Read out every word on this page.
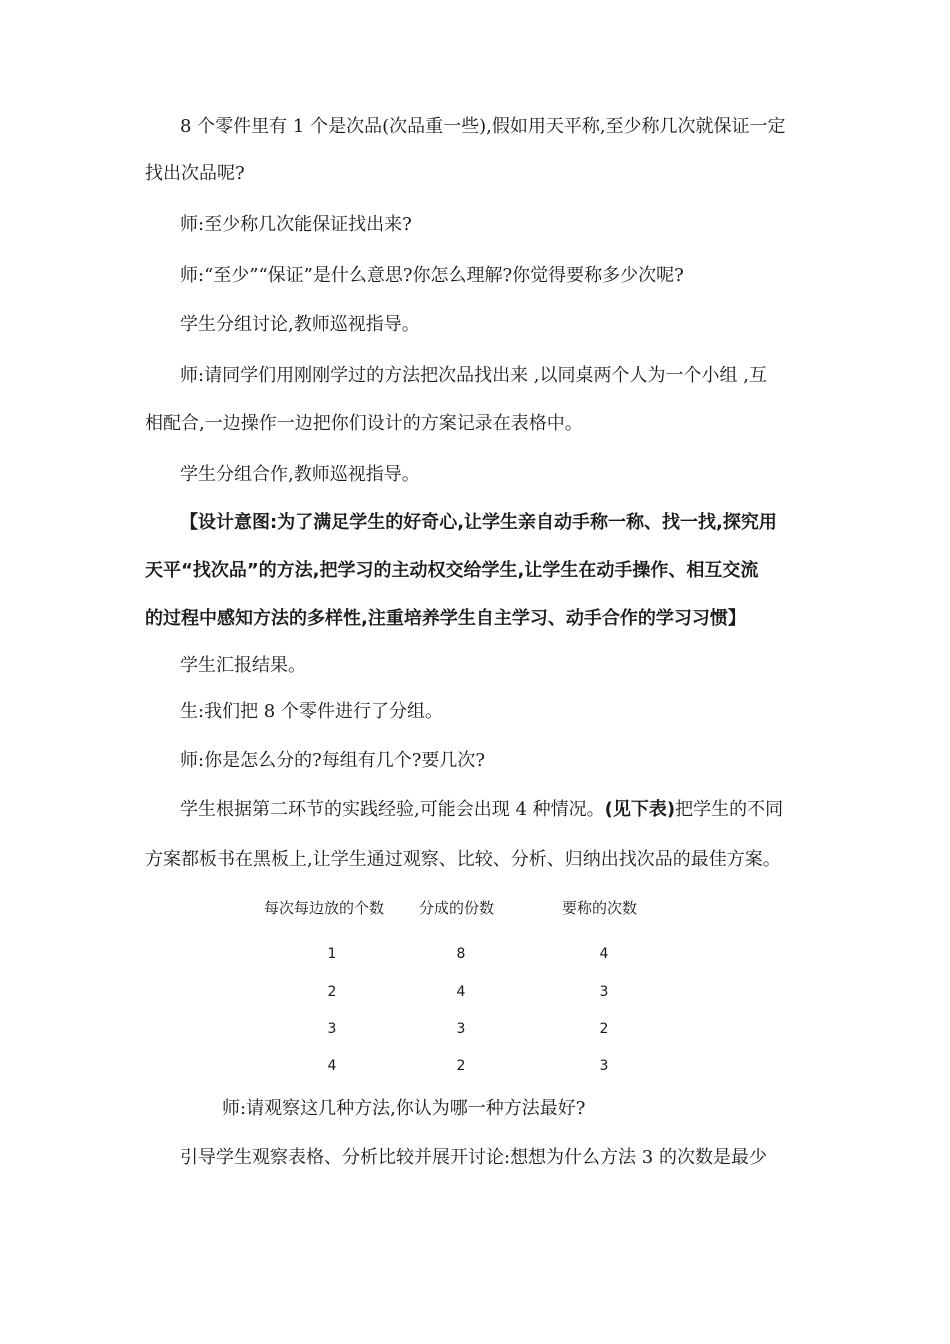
8 个零件里有 1 个是次品(次品重一些),假如用天平称,至少称几次就保证一定
找出次品呢?
师:至少称几次能保证找出来?
师:“至少”“保证”是什么意思?你怎么理解?你觉得要称多少次呢?
学生分组讨论,教师巡视指导。
师:请同学们用刚刚学过的方法把次品找出来 ,以同桌两个人为一个小组 ,互
相配合,一边操作一边把你们设计的方案记录在表格中。
学生分组合作,教师巡视指导。
【设计意图:为了满足学生的好奇心,让学生亲自动手称一称、找一找,探究用
天平“找次品”的方法,把学习的主动权交给学生,让学生在动手操作、相互交流
的过程中感知方法的多样性,注重培养学生自主学习、动手合作的学习习惯】
学生汇报结果。
生:我们把 8 个零件进行了分组。
师:你是怎么分的?每组有几个?要几次?
学生根据第二环节的实践经验,可能会出现 4 种情况。(见下表)把学生的不同
方案都板书在黑板上,让学生通过观察、比较、分析、归纳出找次品的最佳方案。
每次每边放的个数 分成的份数	要称的次数
1	8	4
2	4	3
3	3	2
4	2	3
师:请观察这几种方法,你认为哪一种方法最好?
引导学生观察表格、分析比较并展开讨论:想想为什么方法 3 的次数是最少
